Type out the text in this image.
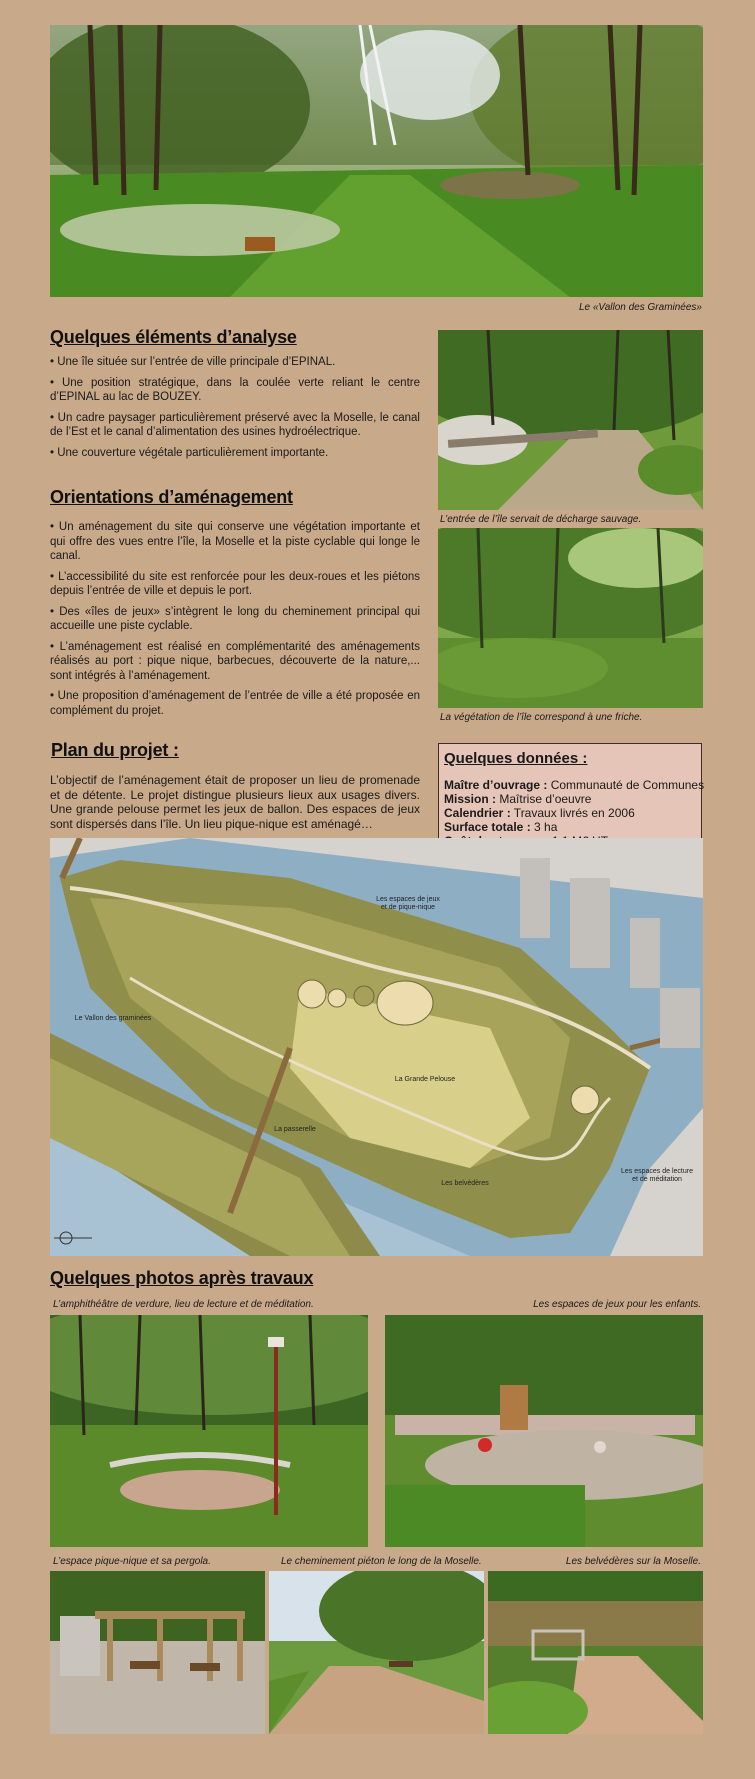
Le «Vallon des Graminées»
Quelques éléments d’analyse

• Une île située sur l’entrée de ville principale d’EPINAL.

• Une position stratégique, dans la coulée verte reliant le centre d’EPINAL au lac de BOUZEY.

• Un cadre paysager particulièrement préservé avec la Moselle, le canal de l’Est et le canal d’alimentation des usines hydroélectrique.

• Une couverture végétale particulièrement importante.

Orientations d’aménagement

• Un aménagement du site qui conserve une végétation importante et qui offre des vues entre l’île, la Moselle et la piste cyclable qui longe le canal.

• L’accessibilité du site est renforcée pour les deux-roues et les piétons depuis l’entrée de ville et depuis le port.

• Des «îles de jeux» s’intègrent le long du cheminement principal qui accueille une piste cyclable.

• L’aménagement est réalisé en complémentarité des aménagements réalisés au port : pique nique, barbecues, découverte de la nature,... sont intégrés à l’aménagement.

• Une proposition d’aménagement de l’entrée de ville a été proposée en complément du projet.

L’entrée de l’île servait de décharge sauvage.
La végétation de l’île correspond à une friche.
Plan du projet :
L’objectif de l’aménagement était de proposer un lieu de promenade et de détente. Le projet distingue plusieurs lieux aux usages divers. Une grande pelouse permet les jeux de ballon. Des espaces de jeux sont dispersés dans l’île. Un lieu pique-nique est aménagé…
Quelques données :
Maître d’ouvrage : Communauté de Communes
Mission : Maîtrise d’oeuvre
Calendrier : Travaux livrés en 2006
Surface totale : 3 ha
Les espaces de jeux
et de pique-nique
Le Vallon des graminées
La Grande Pelouse
La passerelle
Les belvédères
Les espaces de lecture
et de méditation
Quelques photos après travaux
L’amphithéâtre de verdure, lieu de lecture et de méditation.	Les espaces de jeux pour les enfants.
L’espace pique-nique et sa pergola.	Le cheminement piéton le long de la Moselle.	Les belvédères sur la Moselle.
